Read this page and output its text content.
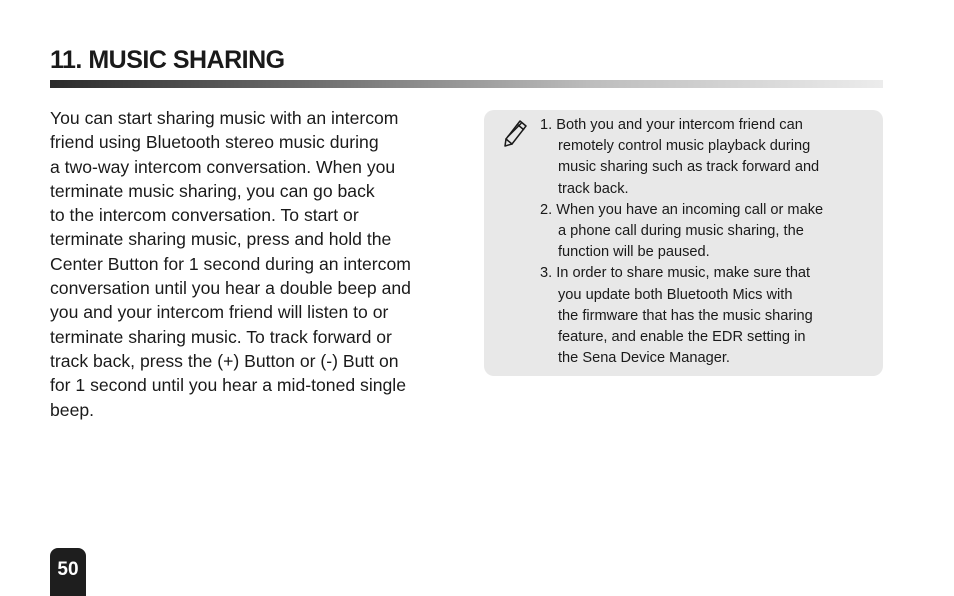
11. MUSIC SHARING

You can start sharing music with an intercom
friend using Bluetooth stereo music during
a two-way intercom conversation. When you
terminate music sharing, you can go back
to the intercom conversation. To start or
terminate sharing music, press and hold the
Center Button for 1 second during an intercom
conversation until you hear a double beep and
you and your intercom friend will listen to or
terminate sharing music. To track forward or
track back, press the (+) Button or (-) Butt on
for 1 second until you hear a mid-toned single
beep.

1. Both you and your intercom friend can
remotely control music playback during
music sharing such as track forward and
track back.
2. When you have an incoming call or make
a phone call during music sharing, the
function will be paused.
3. In order to share music, make sure that
you update both Bluetooth Mics with
the firmware that has the music sharing
feature, and enable the EDR setting in
the Sena Device Manager.
50
